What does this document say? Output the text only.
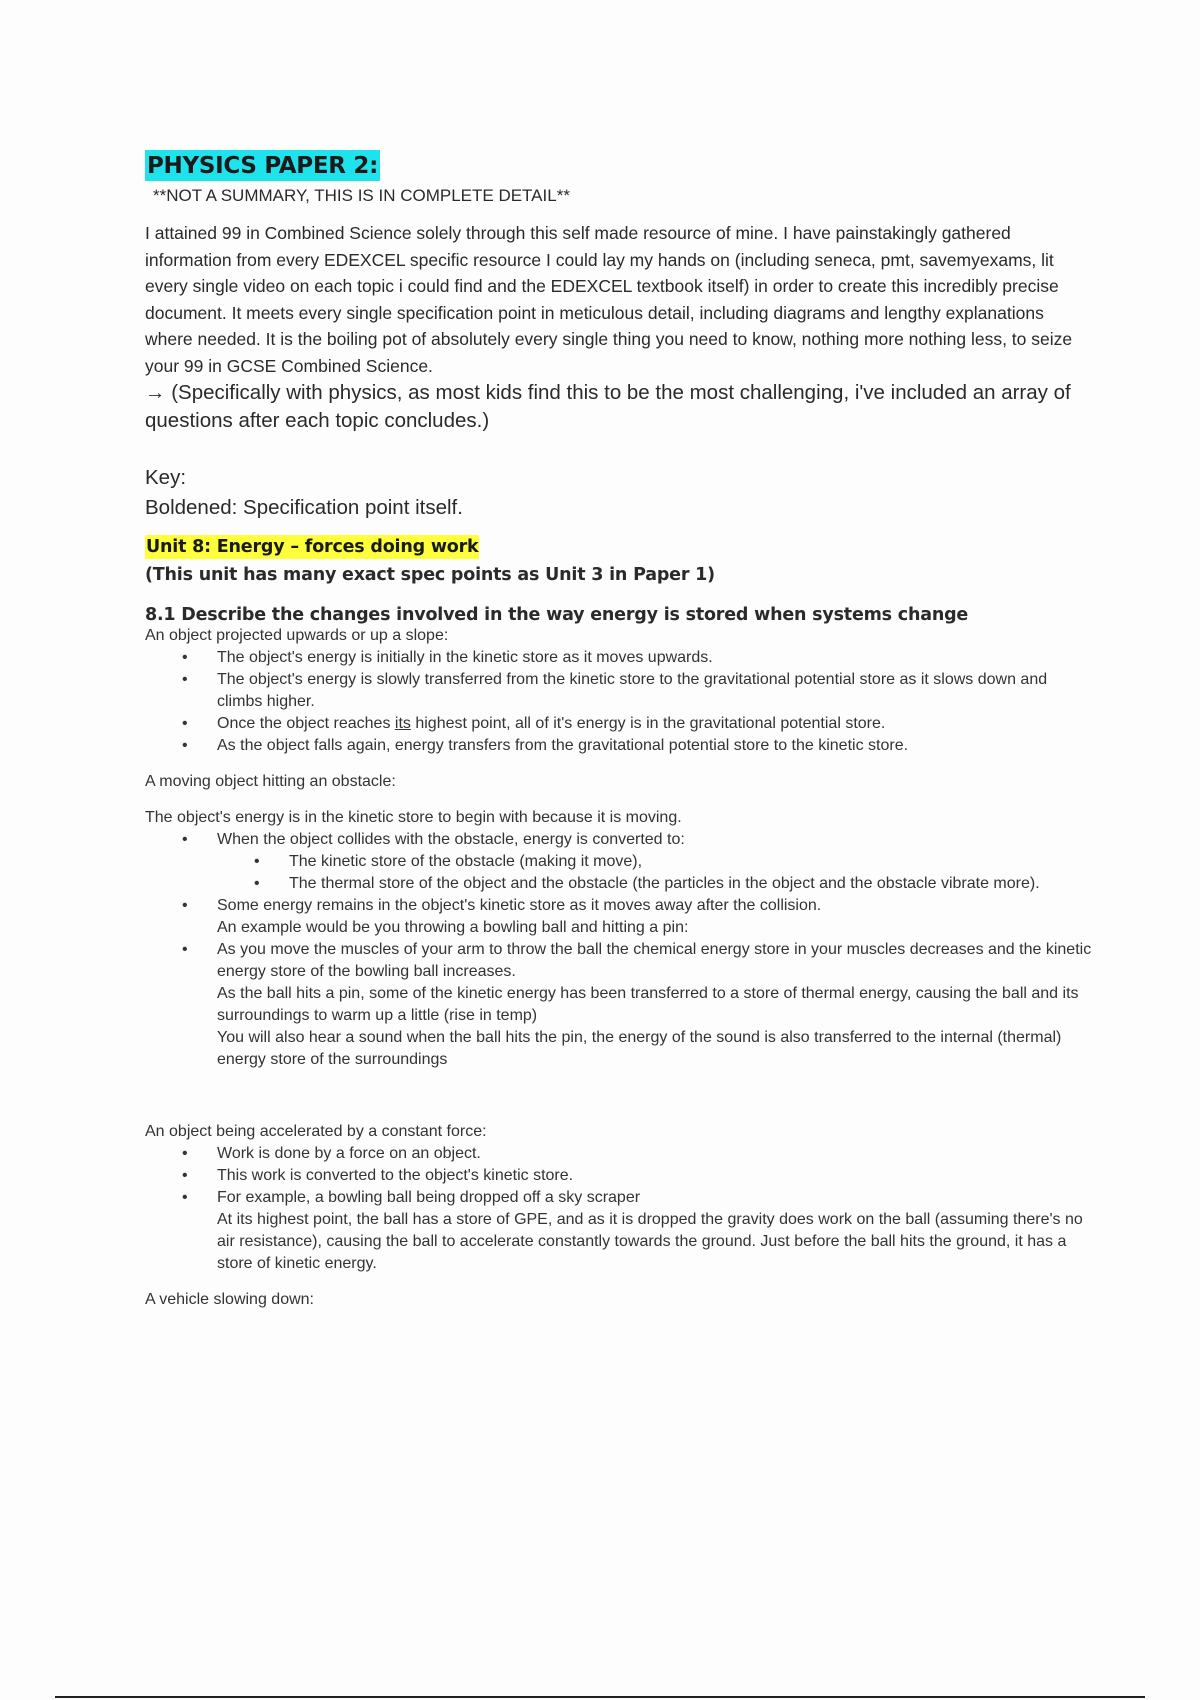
PHYSICS PAPER 2:
**NOT A SUMMARY, THIS IS IN COMPLETE DETAIL**
I attained 99 in Combined Science solely through this self made resource of mine. I have painstakingly gathered information from every EDEXCEL specific resource I could lay my hands on (including seneca, pmt, savemyexams, lit every single video on each topic i could find and the EDEXCEL textbook itself) in order to create this incredibly precise document. It meets every single specification point in meticulous detail, including diagrams and lengthy explanations where needed. It is the boiling pot of absolutely every single thing you need to know, nothing more nothing less, to seize your 99 in GCSE Combined Science.
→ (Specifically with physics, as most kids find this to be the most challenging, i've included an array of questions after each topic concludes.)
Key:
Boldened: Specification point itself.
Unit 8: Energy – forces doing work
(This unit has many exact spec points as Unit 3 in Paper 1)
8.1 Describe the changes involved in the way energy is stored when systems change
An object projected upwards or up a slope:
• The object's energy is initially in the kinetic store as it moves upwards.
• The object's energy is slowly transferred from the kinetic store to the gravitational potential store as it slows down and climbs higher.
• Once the object reaches its highest point, all of it's energy is in the gravitational potential store.
• As the object falls again, energy transfers from the gravitational potential store to the kinetic store.
A moving object hitting an obstacle:
The object's energy is in the kinetic store to begin with because it is moving.
• When the object collides with the obstacle, energy is converted to:
• The kinetic store of the obstacle (making it move),
• The thermal store of the object and the obstacle (the particles in the object and the obstacle vibrate more).
• Some energy remains in the object's kinetic store as it moves away after the collision.
An example would be you throwing a bowling ball and hitting a pin:
• As you move the muscles of your arm to throw the ball the chemical energy store in your muscles decreases and the kinetic energy store of the bowling ball increases.
As the ball hits a pin, some of the kinetic energy has been transferred to a store of thermal energy, causing the ball and its surroundings to warm up a little (rise in temp)
You will also hear a sound when the ball hits the pin, the energy of the sound is also transferred to the internal (thermal) energy store of the surroundings
An object being accelerated by a constant force:
• Work is done by a force on an object.
• This work is converted to the object's kinetic store.
• For example, a bowling ball being dropped off a sky scraper
At its highest point, the ball has a store of GPE, and as it is dropped the gravity does work on the ball (assuming there's no air resistance), causing the ball to accelerate constantly towards the ground. Just before the ball hits the ground, it has a store of kinetic energy.
A vehicle slowing down:
